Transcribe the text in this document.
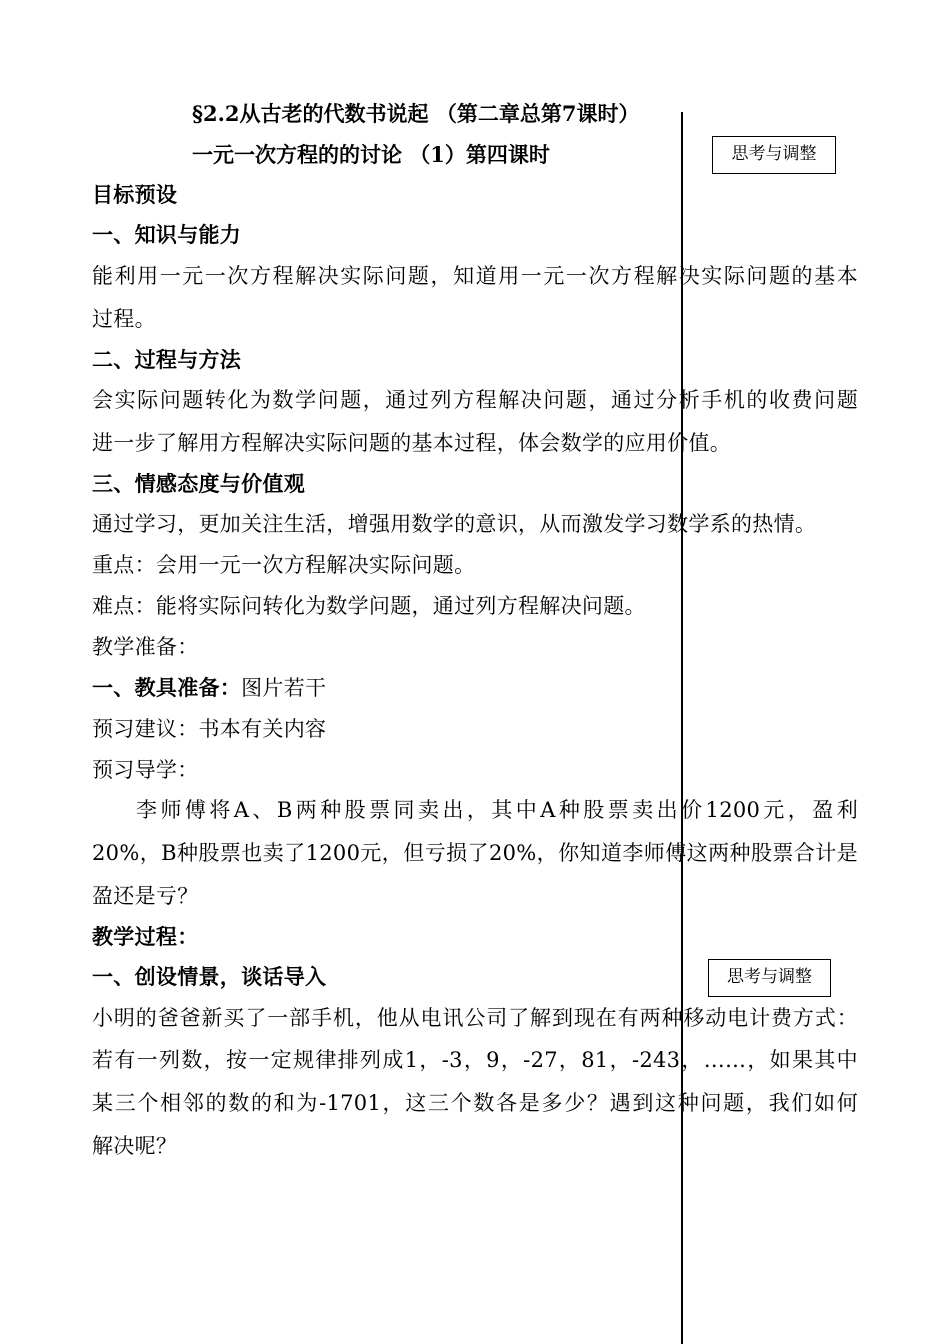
§2.2从古老的代数书说起 （第二章总第7课时）
一元一次方程的的讨论 （1）第四课时	思考与调整
思考与调整
目标预设
一、知识与能力
能利用一元一次方程解决实际问题，知道用一元一次方程解决实际问题的基本
过程。
二、过程与方法
会实际问题转化为数学问题，通过列方程解决问题，通过分析手机的收费问题
进一步了解用方程解决实际问题的基本过程，体会数学的应用价值。
三、情感态度与价值观
通过学习，更加关注生活，增强用数学的意识，从而激发学习数学系的热情。
重点：会用一元一次方程解决实际问题。
难点：能将实际问转化为数学问题，通过列方程解决问题。
教学准备：
一、教具准备：图片若干
预习建议：书本有关内容
预习导学：
李师傅将A、B两种股票同卖出，其中A种股票卖出价1200元，盈利
20%，B种股票也卖了1200元，但亏损了20%，你知道李师傅这两种股票合计是
盈还是亏？
教学过程：
一、创设情景，谈话导入
小明的爸爸新买了一部手机，他从电讯公司了解到现在有两种移动电计费方式：
若有一列数，按一定规律排列成1，-3，9，-27，81，-243，……，如果其中
某三个相邻的数的和为-1701，这三个数各是多少？遇到这种问题，我们如何
解决呢？
